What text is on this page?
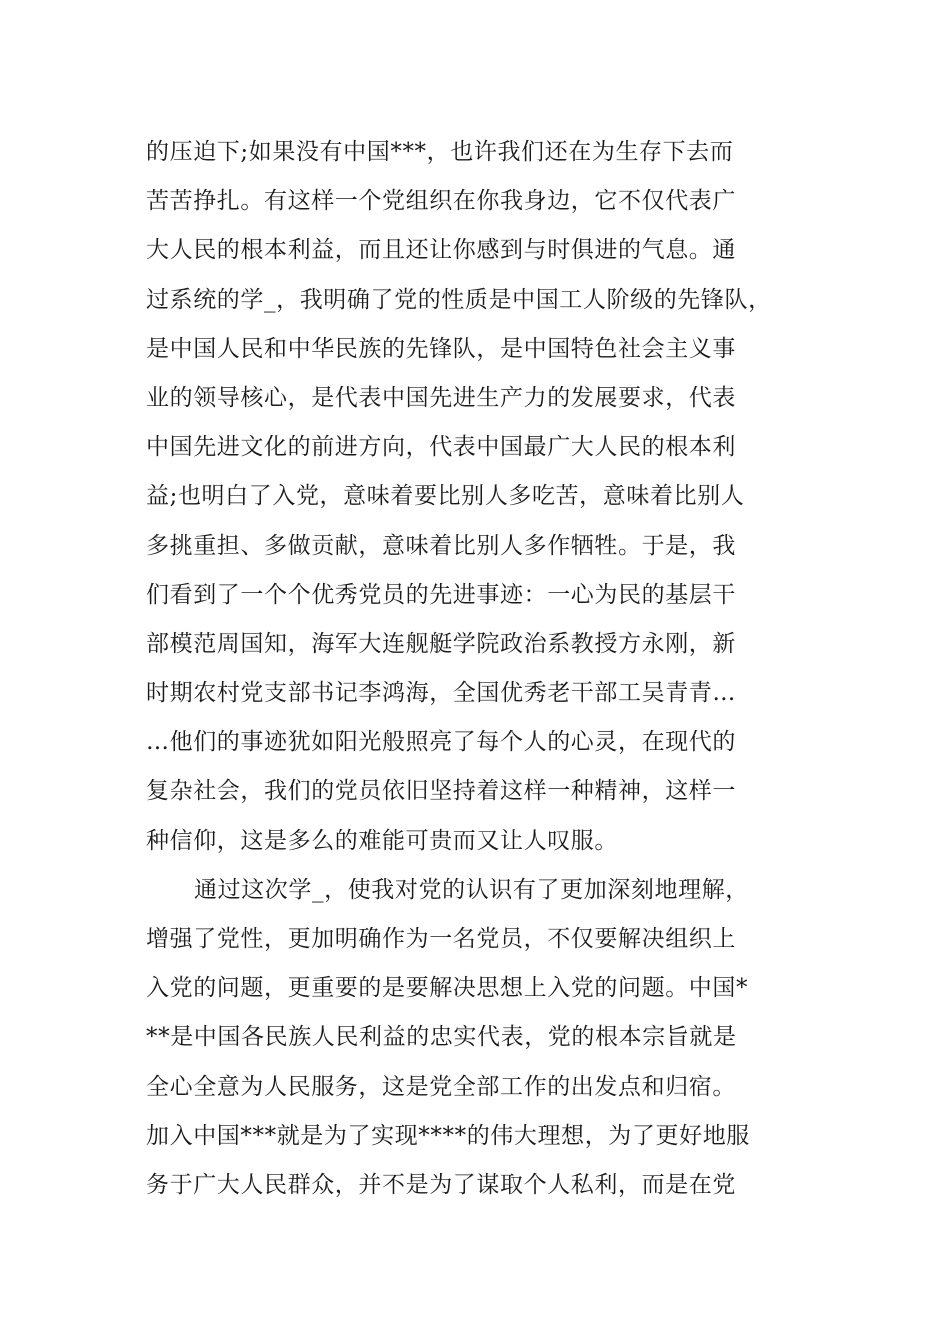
的压迫下;如果没有中国***，也许我们还在为生存下去而
苦苦挣扎。有这样一个党组织在你我身边，它不仅代表广
大人民的根本利益，而且还让你感到与时俱进的气息。通
过系统的学_，我明确了党的性质是中国工人阶级的先锋队，
是中国人民和中华民族的先锋队，是中国特色社会主义事
业的领导核心，是代表中国先进生产力的发展要求，代表
中国先进文化的前进方向，代表中国最广大人民的根本利
益;也明白了入党，意味着要比别人多吃苦，意味着比别人
多挑重担、多做贡献，意味着比别人多作牺牲。于是，我
们看到了一个个优秀党员的先进事迹：一心为民的基层干
部模范周国知，海军大连舰艇学院政治系教授方永刚，新
时期农村党支部书记李鸿海，全国优秀老干部工吴青青…
…他们的事迹犹如阳光般照亮了每个人的心灵，在现代的
复杂社会，我们的党员依旧坚持着这样一种精神，这样一
种信仰，这是多么的难能可贵而又让人叹服。
通过这次学_，使我对党的认识有了更加深刻地理解，
增强了党性，更加明确作为一名党员，不仅要解决组织上
入党的问题，更重要的是要解决思想上入党的问题。中国*
**是中国各民族人民利益的忠实代表，党的根本宗旨就是
全心全意为人民服务，这是党全部工作的出发点和归宿。
加入中国***就是为了实现****的伟大理想，为了更好地服
务于广大人民群众，并不是为了谋取个人私利，而是在党
